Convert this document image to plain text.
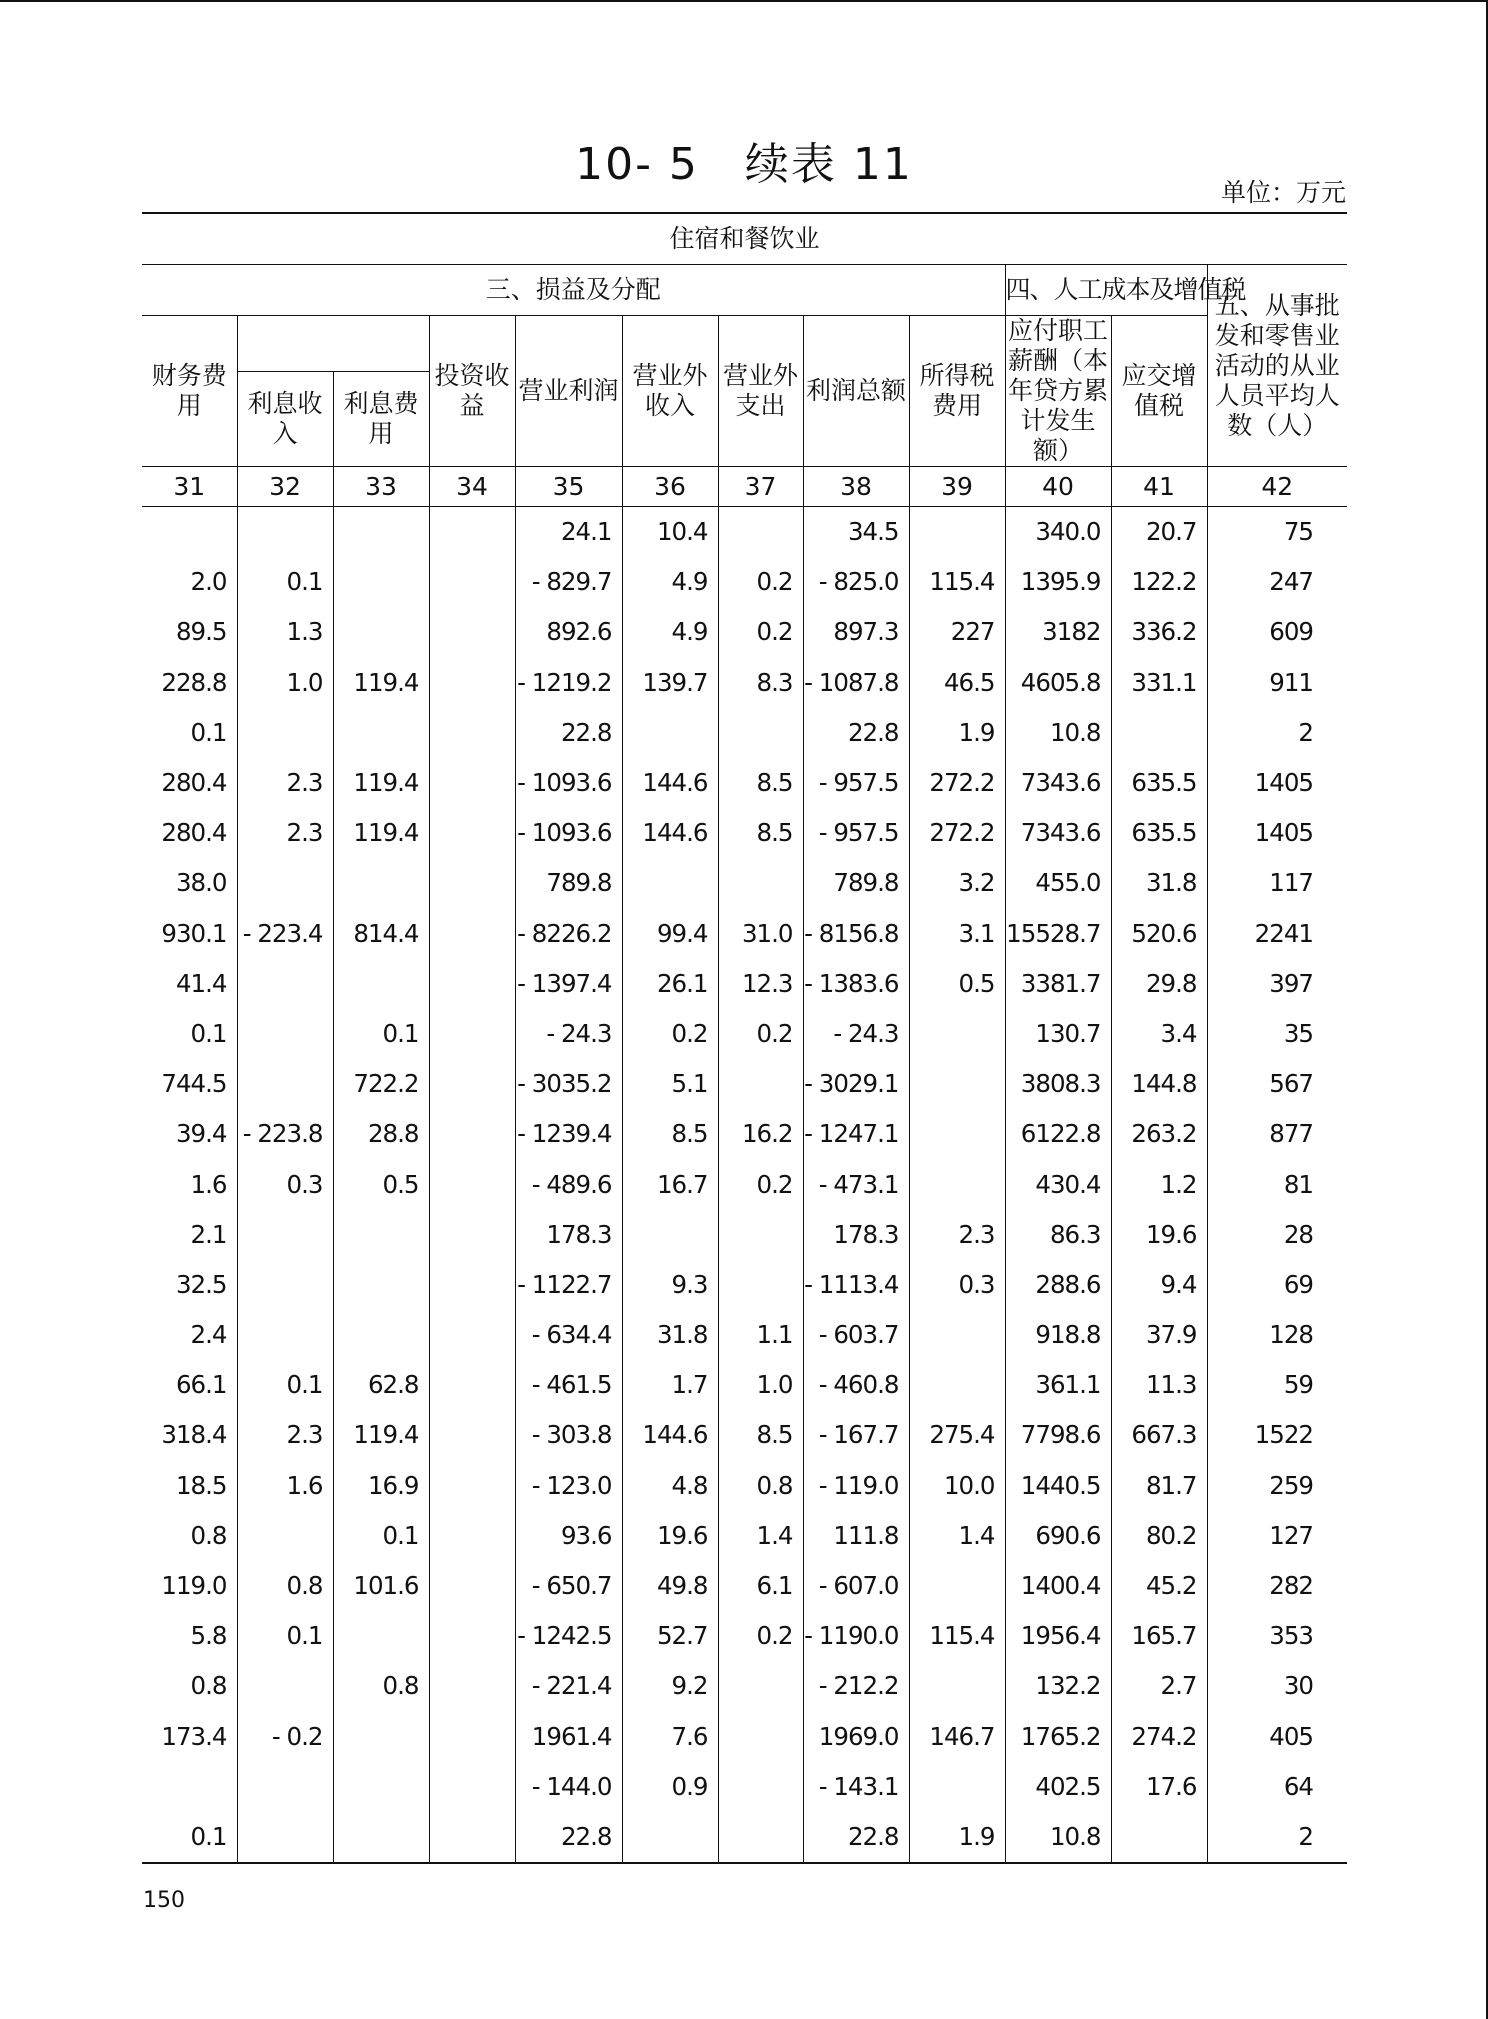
10- 5　续表 11
单位：万元
住宿和餐饮业											
三、损益及分配									四、人工成本及增值税		五、从事批发和零售业活动的从业人员平均人数（人）
财务费用			投资收益	营业利润	营业外收入	营业外支出	利润总额	所得税费用	应付职工薪酬（本年贷方累计发生额）	应交增值税	
	利息收入	利息费用									
31	32	33	34	35	36	37	38	39	40	41	42
				24.1	10.4		34.5		340.0	20.7	75
2.0	0.1			- 829.7	4.9	0.2	- 825.0	115.4	1395.9	122.2	247
89.5	1.3			892.6	4.9	0.2	897.3	227	3182	336.2	609
228.8	1.0	119.4		- 1219.2	139.7	8.3	- 1087.8	46.5	4605.8	331.1	911
0.1				22.8			22.8	1.9	10.8		2
280.4	2.3	119.4		- 1093.6	144.6	8.5	- 957.5	272.2	7343.6	635.5	1405
280.4	2.3	119.4		- 1093.6	144.6	8.5	- 957.5	272.2	7343.6	635.5	1405
38.0				789.8			789.8	3.2	455.0	31.8	117
930.1	- 223.4	814.4		- 8226.2	99.4	31.0	- 8156.8	3.1	15528.7	520.6	2241
41.4				- 1397.4	26.1	12.3	- 1383.6	0.5	3381.7	29.8	397
0.1		0.1		- 24.3	0.2	0.2	- 24.3		130.7	3.4	35
744.5		722.2		- 3035.2	5.1		- 3029.1		3808.3	144.8	567
39.4	- 223.8	28.8		- 1239.4	8.5	16.2	- 1247.1		6122.8	263.2	877
1.6	0.3	0.5		- 489.6	16.7	0.2	- 473.1		430.4	1.2	81
2.1				178.3			178.3	2.3	86.3	19.6	28
32.5				- 1122.7	9.3		- 1113.4	0.3	288.6	9.4	69
2.4				- 634.4	31.8	1.1	- 603.7		918.8	37.9	128
66.1	0.1	62.8		- 461.5	1.7	1.0	- 460.8		361.1	11.3	59
318.4	2.3	119.4		- 303.8	144.6	8.5	- 167.7	275.4	7798.6	667.3	1522
18.5	1.6	16.9		- 123.0	4.8	0.8	- 119.0	10.0	1440.5	81.7	259
0.8		0.1		93.6	19.6	1.4	111.8	1.4	690.6	80.2	127
119.0	0.8	101.6		- 650.7	49.8	6.1	- 607.0		1400.4	45.2	282
5.8	0.1			- 1242.5	52.7	0.2	- 1190.0	115.4	1956.4	165.7	353
0.8		0.8		- 221.4	9.2		- 212.2		132.2	2.7	30
173.4	- 0.2			1961.4	7.6		1969.0	146.7	1765.2	274.2	405
				- 144.0	0.9		- 143.1		402.5	17.6	64
0.1				22.8			22.8	1.9	10.8		2
150
